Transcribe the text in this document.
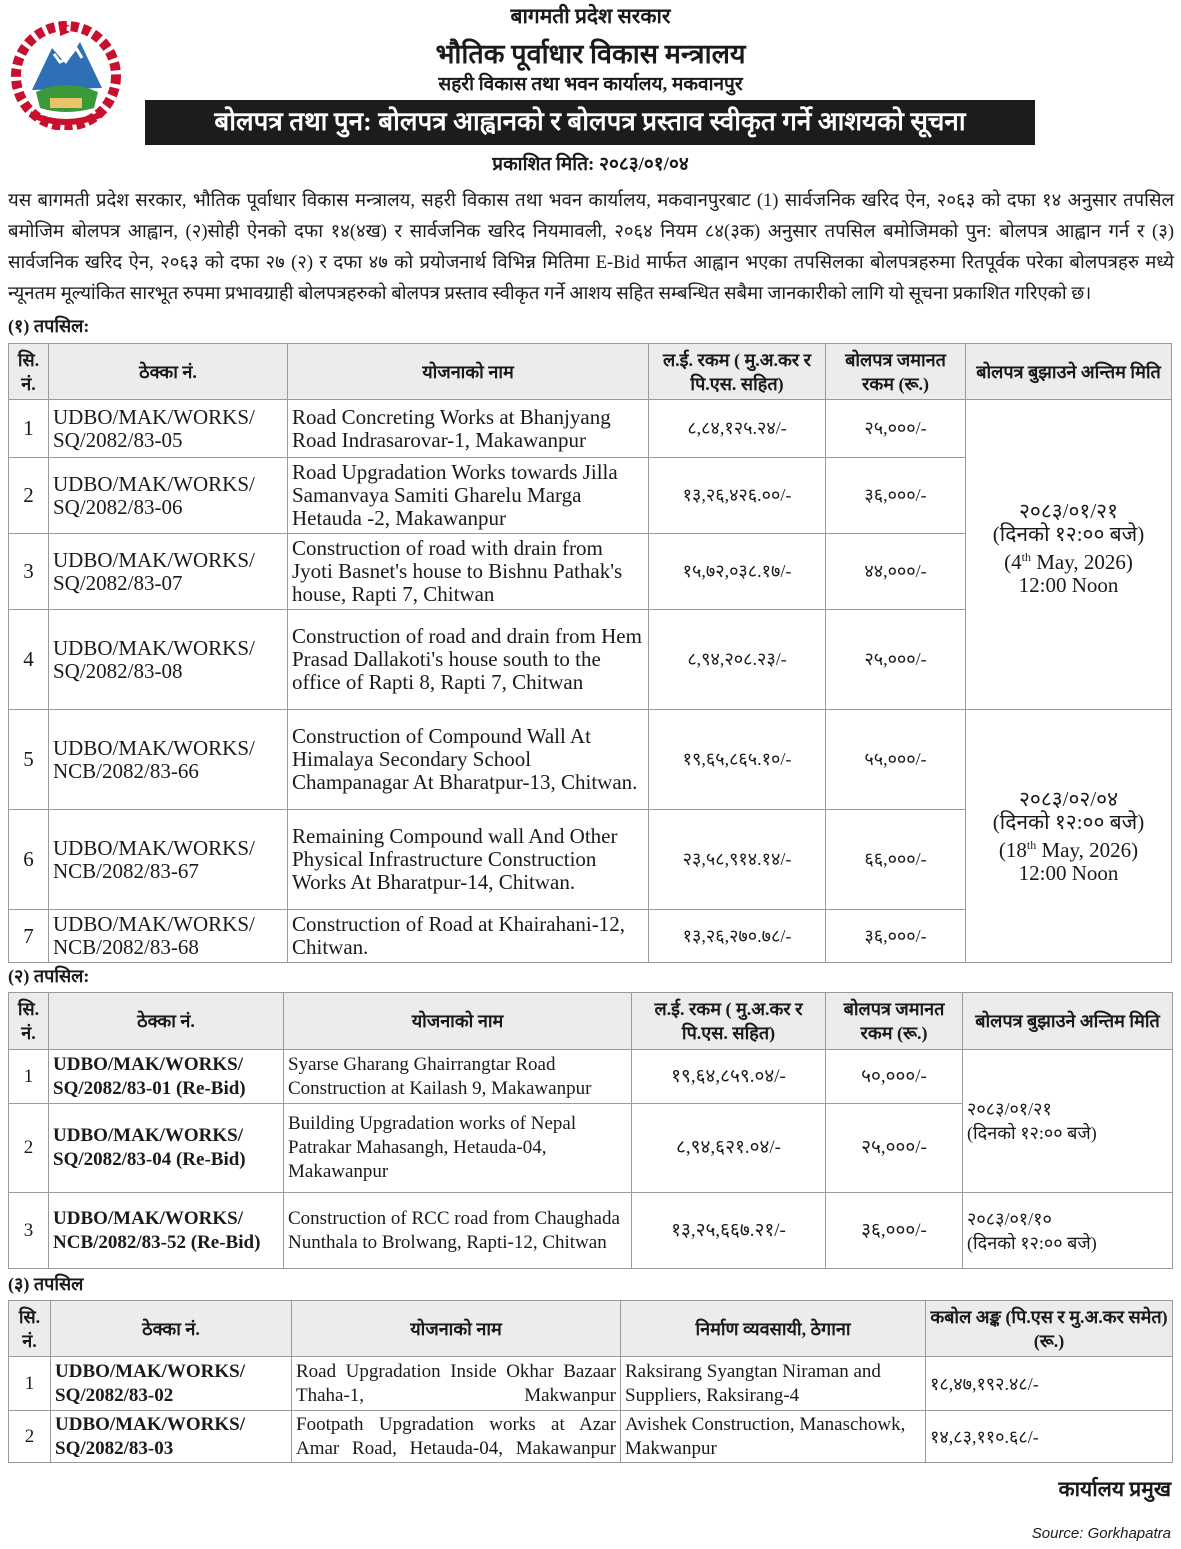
बागमती प्रदेश सरकार
भौतिक पूर्वाधार विकास मन्त्रालय
सहरी विकास तथा भवन कार्यालय, मकवानपुर
बोलपत्र तथा पुन: बोलपत्र आह्वानको र बोलपत्र प्रस्ताव स्वीकृत गर्ने आशयको सूचना
प्रकाशित मिति: २०८३/०१/०४
यस बागमती प्रदेश सरकार, भौतिक पूर्वाधार विकास मन्त्रालय, सहरी विकास तथा भवन कार्यालय, मकवानपुरबाट (1) सार्वजनिक खरिद ऐन, २०६३ को दफा १४ अनुसार तपसिल बमोजिम बोलपत्र आह्वान, (२)सोही ऐनको दफा १४(४ख) र सार्वजनिक खरिद नियमावली, २०६४ नियम ८४(३क) अनुसार तपसिल बमोजिमको पुन: बोलपत्र आह्वान गर्न र (३) सार्वजनिक खरिद ऐन, २०६३ को दफा २७ (२) र दफा ४७ को प्रयोजनार्थ विभिन्न मितिमा E-Bid मार्फत आह्वान भएका तपसिलका बोलपत्रहरुमा रितपूर्वक परेका बोलपत्रहरु मध्ये न्यूनतम मूल्यांकित सारभूत रुपमा प्रभावग्राही बोलपत्रहरुको बोलपत्र प्रस्ताव स्वीकृत गर्ने आशय सहित सम्बन्धित सबैमा जानकारीको लागि यो सूचना प्रकाशित गरिएको छ।
(१) तपसिल:
सि. नं.	ठेक्का नं.	योजनाको नाम	ल.ई. रकम ( मु.अ.कर र पि.एस. सहित)	बोलपत्र जमानत रकम (रू.)	बोलपत्र बुझाउने अन्तिम मिति
1	UDBO/MAK/WORKS/ SQ/2082/83-05	Road Concreting Works at Bhanjyang Road Indrasarovar-1, Makawanpur	८,८४,१२५.२४/-	२५,०००/-	२०८३/०१/२१
(दिनको १२:०० बजे)
(4th May, 2026)
12:00 Noon

2	UDBO/MAK/WORKS/ SQ/2082/83-06	Road Upgradation Works towards Jilla Samanvaya Samiti Gharelu Marga Hetauda -2, Makawanpur	१३,२६,४२६.००/-	३६,०००/-	
3	UDBO/MAK/WORKS/ SQ/2082/83-07	Construction of road with drain from Jyoti Basnet's house to Bishnu Pathak's house, Rapti 7, Chitwan	१५,७२,०३८.१७/-	४४,०००/-	
4	UDBO/MAK/WORKS/ SQ/2082/83-08	Construction of road and drain from Hem Prasad Dallakoti's house south to the office of Rapti 8, Rapti 7, Chitwan	८,९४,२०८.२३/-	२५,०००/-	
5	UDBO/MAK/WORKS/ NCB/2082/83-66	Construction of Compound Wall At Himalaya Secondary School Champanagar At Bharatpur-13, Chitwan.	१९,६५,८६५.१०/-	५५,०००/-	२०८३/०२/०४
(दिनको १२:०० बजे)
(18th May, 2026)
12:00 Noon

6	UDBO/MAK/WORKS/ NCB/2082/83-67	Remaining Compound wall And Other Physical Infrastructure Construction Works At Bharatpur-14, Chitwan.	२३,५८,९१४.१४/-	६६,०००/-	
7	UDBO/MAK/WORKS/ NCB/2082/83-68	Construction of Road at Khairahani-12, Chitwan.	१३,२६,२७०.७८/-	३६,०००/-	
(२) तपसिल:
सि. नं.	ठेक्का नं.	योजनाको नाम	ल.ई. रकम ( मु.अ.कर र पि.एस. सहित)	बोलपत्र जमानत रकम (रू.)	बोलपत्र बुझाउने अन्तिम मिति
1	UDBO/MAK/WORKS/ SQ/2082/83-01 (Re-Bid)	Syarse Gharang Ghairrangtar Road Construction at Kailash 9, Makawanpur	१९,६४,८५९.०४/-	५०,०००/-	२०८३/०१/२१
(दिनको १२:०० बजे)

2	UDBO/MAK/WORKS/ SQ/2082/83-04 (Re-Bid)	Building Upgradation works of Nepal Patrakar Mahasangh, Hetauda-04, Makawanpur	८,९४,६२१.०४/-	२५,०००/-	
3	UDBO/MAK/WORKS/ NCB/2082/83-52 (Re-Bid)	Construction of RCC road from Chaughada Nunthala to Brolwang, Rapti-12, Chitwan	१३,२५,६६७.२१/-	३६,०००/-	२०८३/०१/१०
(दिनको १२:०० बजे)
(३) तपसिल
सि. नं.	ठेक्का नं.	योजनाको नाम	निर्माण व्यवसायी, ठेगाना	कबोल अङ्क (पि.एस र मु.अ.कर समेत) (रू.)
1	UDBO/MAK/WORKS/ SQ/2082/83-02	Road Upgradation Inside Okhar Bazaar Thaha-1, Makwanpur	Raksirang Syangtan Niraman and Suppliers, Raksirang-4	१८,४७,१९२.४८/-
2	UDBO/MAK/WORKS/ SQ/2082/83-03	Footpath Upgradation works at Azar Amar Road, Hetauda-04, Makawanpur	Avishek Construction, Manaschowk, Makwanpur	१४,८३,११०.६८/-
कार्यालय प्रमुख
Source: Gorkhapatra
